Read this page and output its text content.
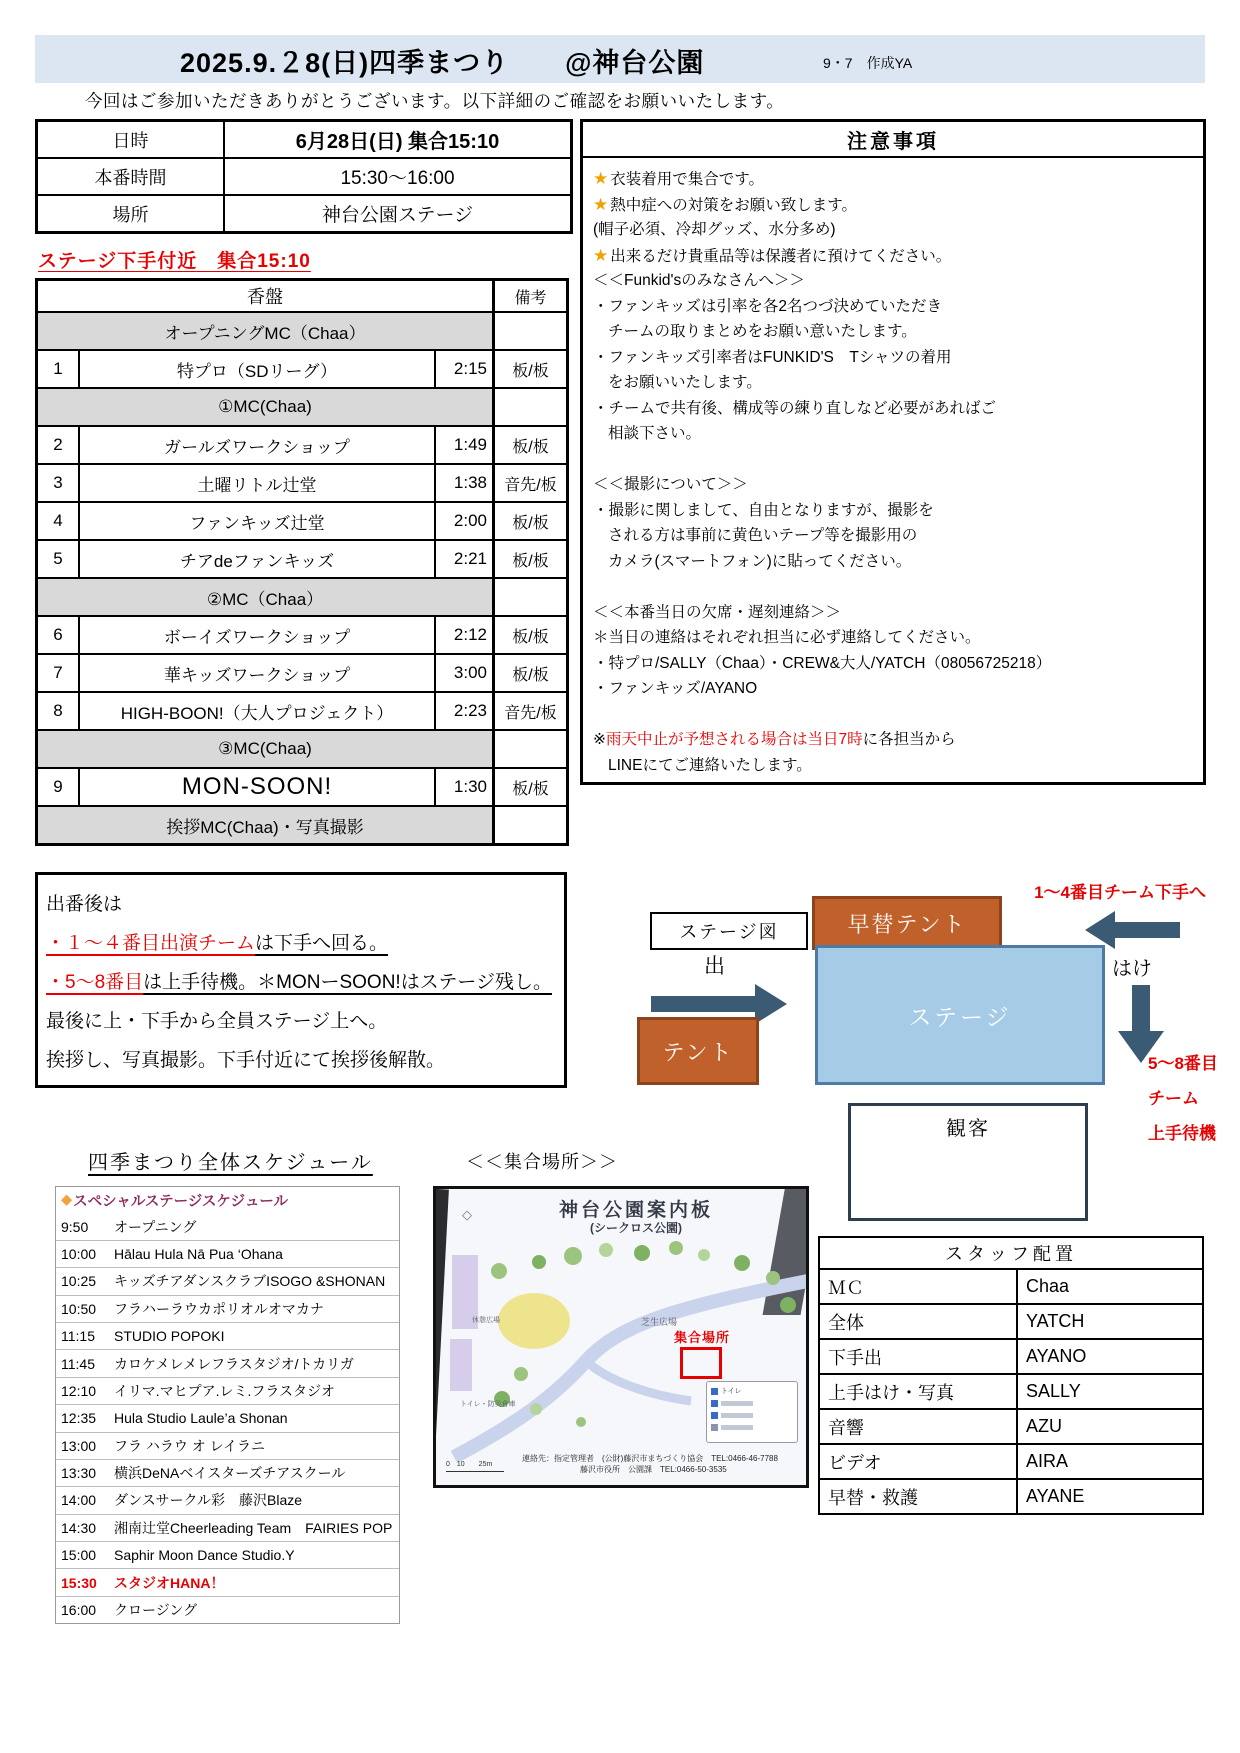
2025.9.２8(日)四季まつり　　@神台公園	9・7　作成YA
今回はご参加いただきありがとうございます。以下詳細のご確認をお願いいたします。
日時	6月28日(日) 集合15:10
本番時間	15:30〜16:00
場所	神台公園ステージ
ステージ下手付近　集合15:10
香盤	備考
オープニングMC（Chaa）
1	特プロ（SDリーグ）	2:15	板/板
①MC(Chaa)
2	ガールズワークショップ	1:49	板/板
3	土曜リトル辻堂	1:38	音先/板
4	ファンキッズ辻堂	2:00	板/板
5	チアdeファンキッズ	2:21	板/板
②MC（Chaa）
6	ボーイズワークショップ	2:12	板/板
7	華キッズワークショップ	3:00	板/板
8	HIGH-BOON!（大人プロジェクト）	2:23	音先/板
③MC(Chaa)
9	MON-SOON!	1:30	板/板
挨拶MC(Chaa)・写真撮影
注意事項
★ 衣装着用で集合です。
★ 熱中症への対策をお願い致します。
(帽子必須、冷却グッズ、水分多め)
★ 出来るだけ貴重品等は保護者に預けてください。
＜＜Funkid'sのみなさんへ＞＞
・ファンキッズは引率を各2名つづ決めていただき
チームの取りまとめをお願い意いたします。
・ファンキッズ引率者はFUNKID'S　Tシャツの着用
をお願いいたします。
・チームで共有後、構成等の練り直しなど必要があればご
相談下さい。
＜＜撮影について＞＞
・撮影に関しまして、自由となりますが、撮影を
される方は事前に黄色いテープ等を撮影用の
カメラ(スマートフォン)に貼ってください。
＜＜本番当日の欠席・遅刻連絡＞＞
＊当日の連絡はそれぞれ担当に必ず連絡してください。
・特プロ/SALLY（Chaa）・CREW&大人/YATCH（08056725218）
・ファンキッズ/AYANO
※雨天中止が予想される場合は当日7時に各担当から
LINEにてご連絡いたします。
出番後は
・１〜４番目出演チームは下手へ回る。
・5〜8番目は上手待機。＊MONーSOON!はステージ残し。
最後に上・下手から全員ステージ上へ。
挨拶し、写真撮影。下手付近にて挨拶後解散。
1〜4番目チーム下手へ
ステージ図	早替テント
出	はけ
テント
ステージ
観客
5〜8番目
チーム
上手待機
スタッフ配置
ＭＣ	Chaa
全体	YATCH
下手出	AYANO
上手はけ・写真	SALLY
音響	AZU
ビデオ	AIRA
早替・救護	AYANE
四季まつり全体スケジュール	＜＜集合場所＞＞
◆ スペシャルステージスケジュール
9:50	オープニング
10:00	Hālau Hula Nā Pua ‘Ohana
10:25	キッズチアダンスクラブISOGO &SHONAN
10:50	フラハーラウカポリオルオマカナ
11:15	STUDIO POPOKI
11:45	カロケメレメレフラスタジオ/トカリガ
12:10	イリマ.マヒプア.レミ.フラスタジオ
12:35	Hula Studio Laule’a Shonan
13:00	フラ ハラウ オ レイラニ
13:30	横浜DeNAベイスターズチアスクール
14:00	ダンスサークル彩　藤沢Blaze
14:30	湘南辻堂Cheerleading Team　FAIRIES POP
15:00	Saphir Moon Dance Studio.Y
15:30	スタジオHANA！
16:00	クロージング
◇	神台公園案内板
(シークロス公園)
芝生広場
休憩広場
トイレ・防災倉庫
集合場所
トイレ
連絡先：指定管理者　(公財)藤沢市まちづくり協会　TEL:0466-46-7788
藤沢市役所　公園課　TEL:0466-50-3535
0　10　　25m
